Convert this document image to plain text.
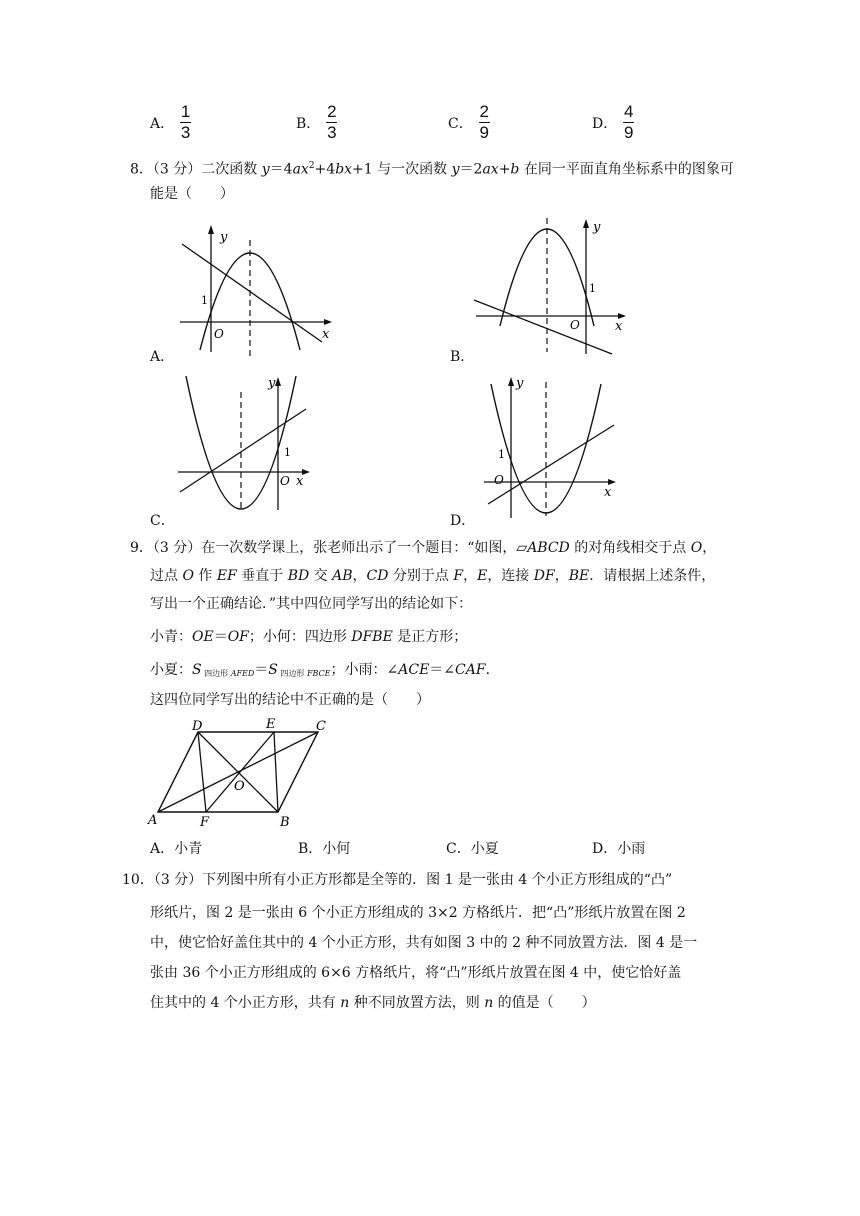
A． $\frac{1}{3}$	B． $\frac{2}{3}$	C． $\frac{2}{9}$	D． $\frac{4}{9}$
8．（3 分）二次函数 $y=4ax^2+4bx+1$ 与一次函数 y＝2ax+b 在同一平面直角坐标系中的图象可
能是（　　）
y
x
O
1
A．
y
x
O
1
B．
y
x
O
1
C．
y
x
O
1
D．
9．（3 分）在一次数学课上，张老师出示了一个题目：“如图，▱ABCD 的对角线相交于点 O，
过点 O 作 EF 垂直于 BD 交 AB，CD 分别于点 F，E，连接 DF，BE．请根据上述条件，
写出一个正确结论．”其中四位同学写出的结论如下：
小青：OE＝OF；小何：四边形 DFBE 是正方形；
小夏：S $_{四边形}$ $_{AFED}$＝S $_{四边形}$ $_{FBCE}$；小雨：∠ACE＝∠CAF．
这四位同学写出的结论中不正确的是（　　）
A	B
C
D	E
F
O
A．小青	B．小何	C．小夏	D．小雨
10．（3 分）下列图中所有小正方形都是全等的．图 1 是一张由 4 个小正方形组成的“凸”
形纸片，图 2 是一张由 6 个小正方形组成的 3×2 方格纸片．把“凸”形纸片放置在图 2
中，使它恰好盖住其中的 4 个小正方形，共有如图 3 中的 2 种不同放置方法．图 4 是一
张由 36 个小正方形组成的 6×6 方格纸片，将“凸”形纸片放置在图 4 中，使它恰好盖
住其中的 4 个小正方形，共有 n 种不同放置方法，则 n 的值是（　　）
